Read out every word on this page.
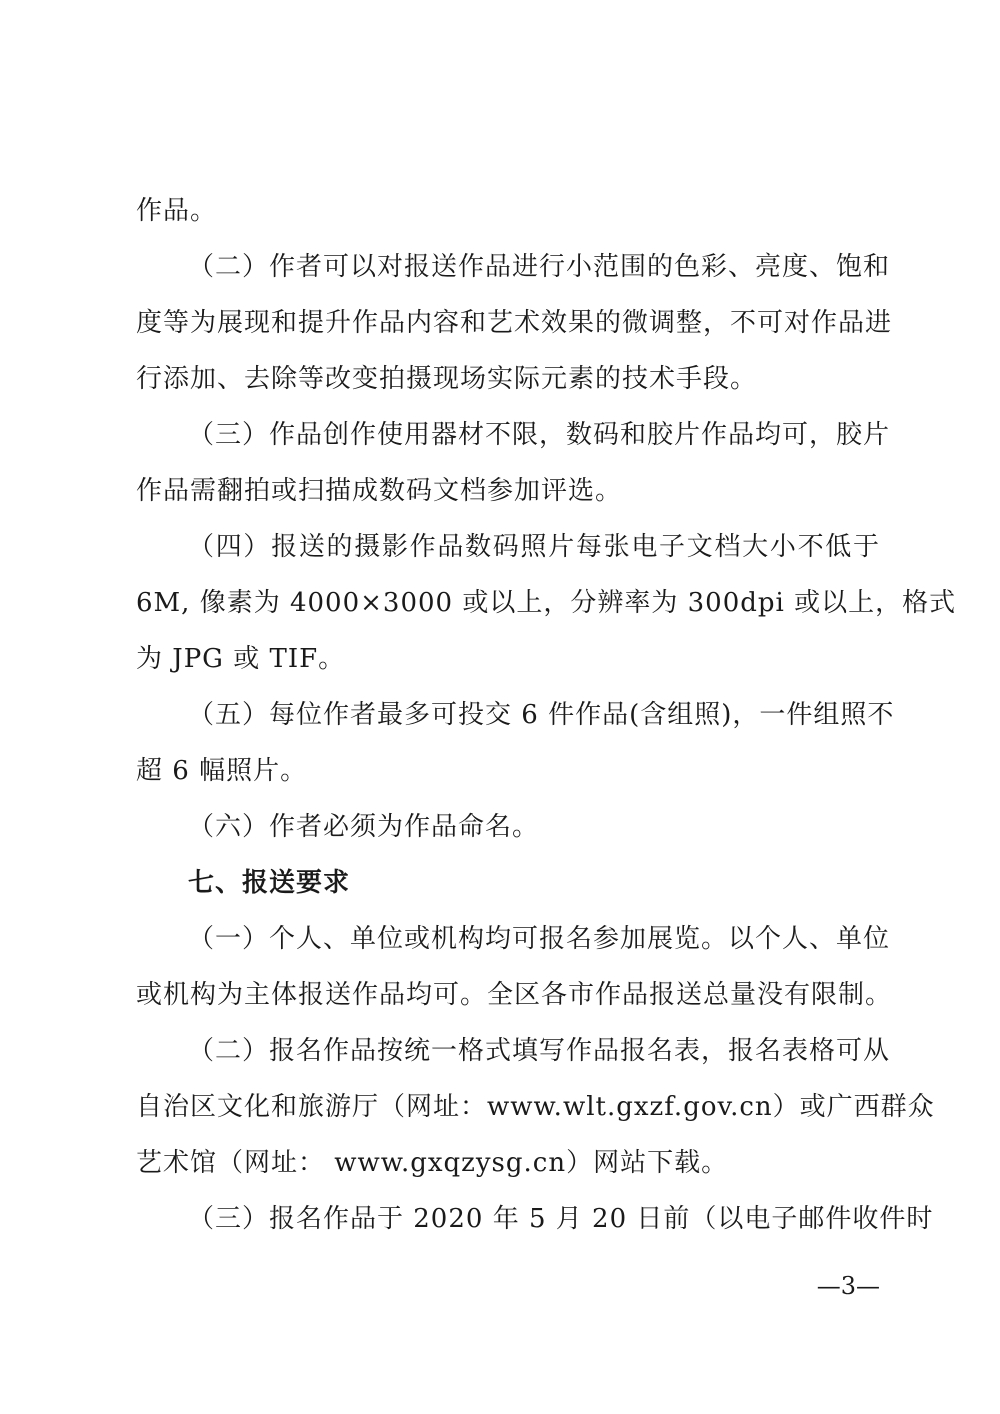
作品。
（二）作者可以对报送作品进行小范围的色彩、亮度、饱和
度等为展现和提升作品内容和艺术效果的微调整，不可对作品进
行添加、去除等改变拍摄现场实际元素的技术手段。
（三）作品创作使用器材不限，数码和胶片作品均可，胶片
作品需翻拍或扫描成数码文档参加评选。
（四）报送的摄影作品数码照片每张电子文档大小不低于
6M, 像素为 4000×3000 或以上，分辨率为 300dpi 或以上，格式
为 JPG 或 TIF。
（五）每位作者最多可投交 6 件作品(含组照)，一件组照不
超 6 幅照片。
（六）作者必须为作品命名。
七、报送要求
（一）个人、单位或机构均可报名参加展览。以个人、单位
或机构为主体报送作品均可。全区各市作品报送总量没有限制。
（二）报名作品按统一格式填写作品报名表，报名表格可从
自治区文化和旅游厅（网址：www.wlt.gxzf.gov.cn）或广西群众
艺术馆（网址： www.gxqzysg.cn）网站下载。
（三）报名作品于 2020 年 5 月 20 日前（以电子邮件收件时
—3—
